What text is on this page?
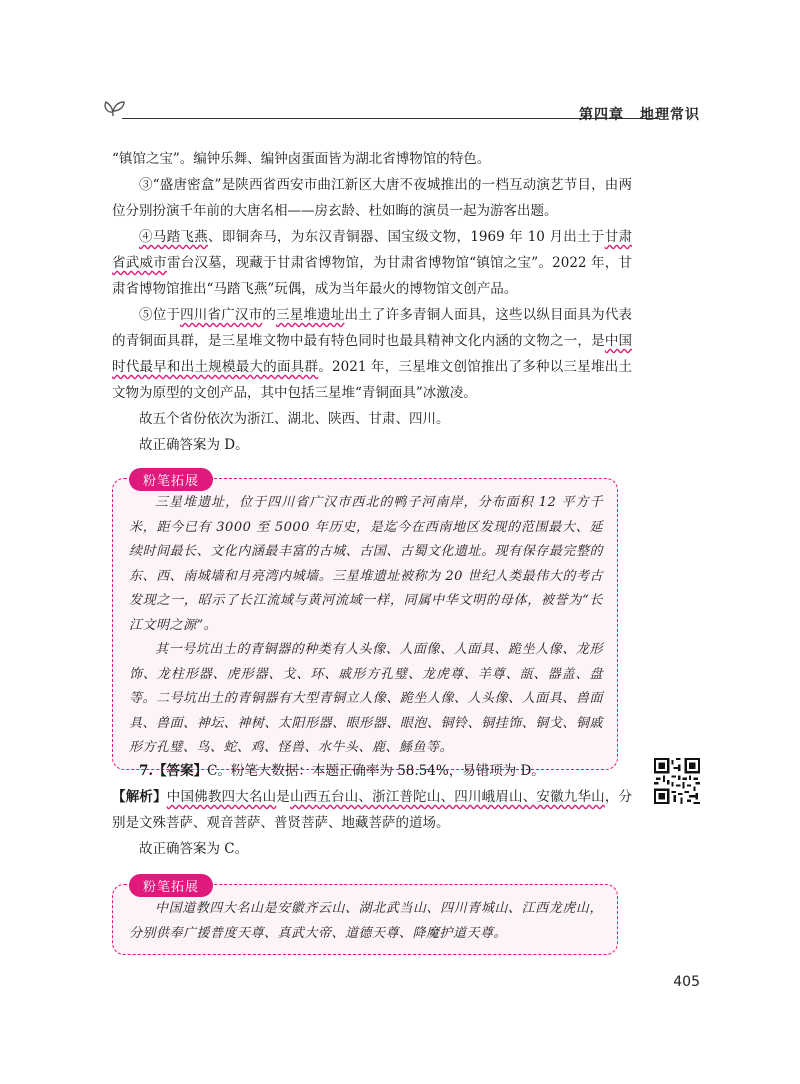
第四章 地理常识

“镇馆之宝”。编钟乐舞、编钟卤蛋面皆为湖北省博物馆的特色。

③“盛唐密盒”是陕西省西安市曲江新区大唐不夜城推出的一档互动演艺节目，由两位分别扮演千年前的大唐名相——房玄龄、杜如晦的演员一起为游客出题。

④马踏飞燕、即铜奔马，为东汉青铜器、国宝级文物，1969 年 10 月出土于甘肃省武威市雷台汉墓，现藏于甘肃省博物馆，为甘肃省博物馆“镇馆之宝”。2022 年，甘肃省博物馆推出“马踏飞燕”玩偶，成为当年最火的博物馆文创产品。

⑤位于四川省广汉市的三星堆遗址出土了许多青铜人面具，这些以纵目面具为代表的青铜面具群，是三星堆文物中最有特色同时也最具精神文化内涵的文物之一，是中国时代最早和出土规模最大的面具群。2021 年，三星堆文创馆推出了多种以三星堆出土文物为原型的文创产品，其中包括三星堆“青铜面具”冰激凌。

故五个省份依次为浙江、湖北、陕西、甘肃、四川。

故正确答案为 D。

粉笔拓展

三星堆遗址，位于四川省广汉市西北的鸭子河南岸，分布面积 12 平方千米，距今已有 3000 至 5000 年历史，是迄今在西南地区发现的范围最大、延续时间最长、文化内涵最丰富的古城、古国、古蜀文化遗址。现有保存最完整的东、西、南城墙和月亮湾内城墙。三星堆遗址被称为 20 世纪人类最伟大的考古发现之一，昭示了长江流域与黄河流域一样，同属中华文明的母体，被誉为“长江文明之源”。

其一号坑出土的青铜器的种类有人头像、人面像、人面具、跪坐人像、龙形饰、龙柱形器、虎形器、戈、环、戚形方孔璧、龙虎尊、羊尊、瓿、器盖、盘等。二号坑出土的青铜器有大型青铜立人像、跪坐人像、人头像、人面具、兽面具、兽面、神坛、神树、太阳形器、眼形器、眼泡、铜铃、铜挂饰、铜戈、铜戚形方孔璧、鸟、蛇、鸡、怪兽、水牛头、鹿、鯀鱼等。

7.【答案】C。粉笔大数据：本题正确率为 58.54%，易错项为 D。

【解析】中国佛教四大名山是山西五台山、浙江普陀山、四川峨眉山、安徽九华山，分别是文殊菩萨、观音菩萨、普贤菩萨、地藏菩萨的道场。

故正确答案为 C。

粉笔拓展

中国道教四大名山是安徽齐云山、湖北武当山、四川青城山、江西龙虎山，分别供奉广援普度天尊、真武大帝、道德天尊、降魔护道天尊。

405
